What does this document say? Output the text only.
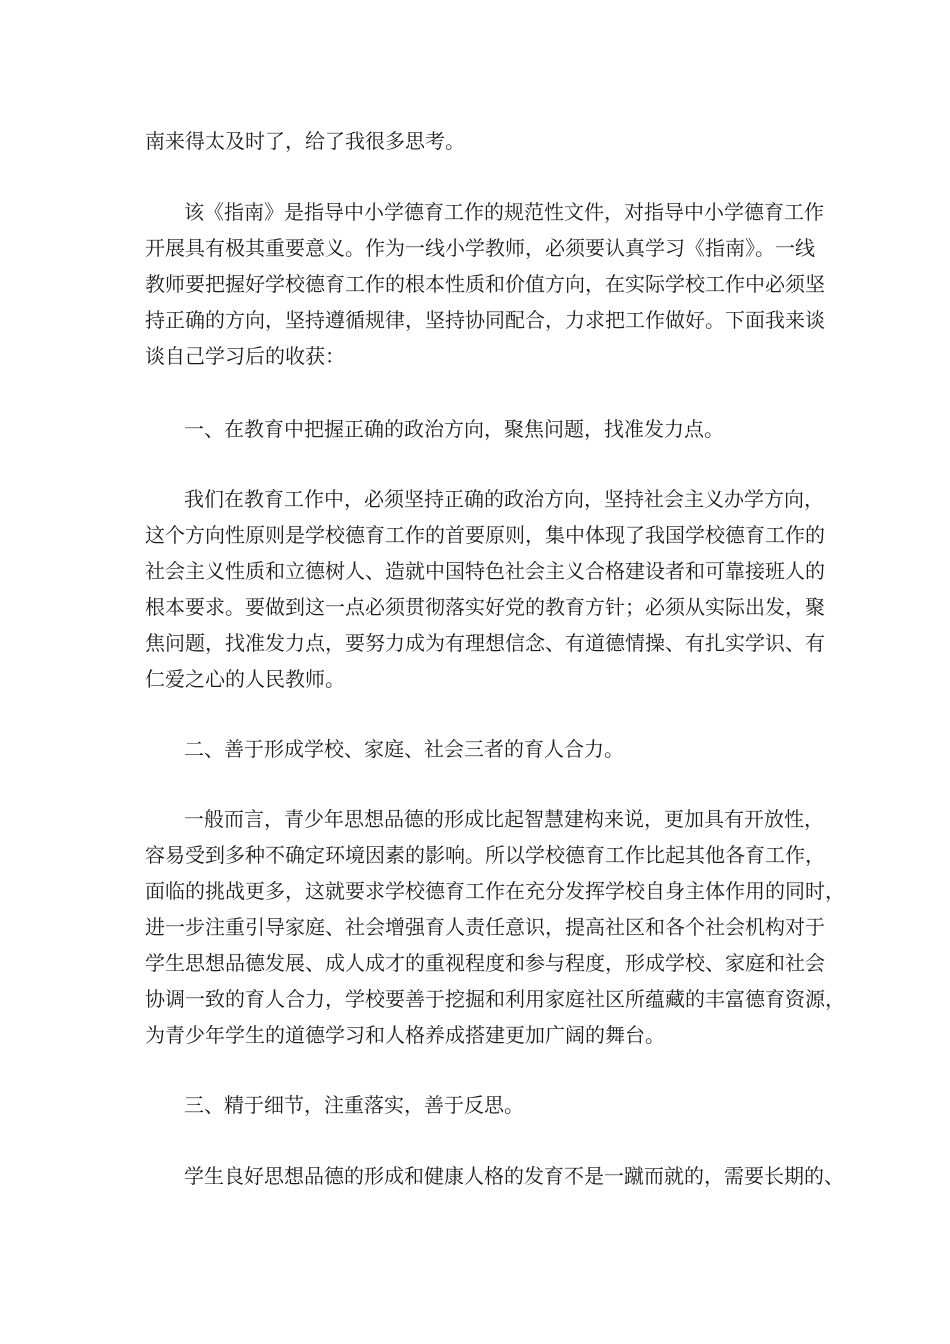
南来得太及时了，给了我很多思考。

该《指南》是指导中小学德育工作的规范性文件，对指导中小学德育工作

开展具有极其重要意义。作为一线小学教师，必须要认真学习《指南》。一线

教师要把握好学校德育工作的根本性质和价值方向，在实际学校工作中必须坚

持正确的方向，坚持遵循规律，坚持协同配合，力求把工作做好。下面我来谈

谈自己学习后的收获：

一、在教育中把握正确的政治方向，聚焦问题，找准发力点。

我们在教育工作中，必须坚持正确的政治方向，坚持社会主义办学方向，

这个方向性原则是学校德育工作的首要原则，集中体现了我国学校德育工作的

社会主义性质和立德树人、造就中国特色社会主义合格建设者和可靠接班人的

根本要求。要做到这一点必须贯彻落实好党的教育方针；必须从实际出发，聚

焦问题，找准发力点，要努力成为有理想信念、有道德情操、有扎实学识、有

仁爱之心的人民教师。

二、善于形成学校、家庭、社会三者的育人合力。

一般而言，青少年思想品德的形成比起智慧建构来说，更加具有开放性，

容易受到多种不确定环境因素的影响。所以学校德育工作比起其他各育工作，

面临的挑战更多，这就要求学校德育工作在充分发挥学校自身主体作用的同时，

进一步注重引导家庭、社会增强育人责任意识，提高社区和各个社会机构对于

学生思想品德发展、成人成才的重视程度和参与程度，形成学校、家庭和社会

协调一致的育人合力，学校要善于挖掘和利用家庭社区所蕴藏的丰富德育资源，

为青少年学生的道德学习和人格养成搭建更加广阔的舞台。

三、精于细节，注重落实，善于反思。

学生良好思想品德的形成和健康人格的发育不是一蹴而就的，需要长期的、
